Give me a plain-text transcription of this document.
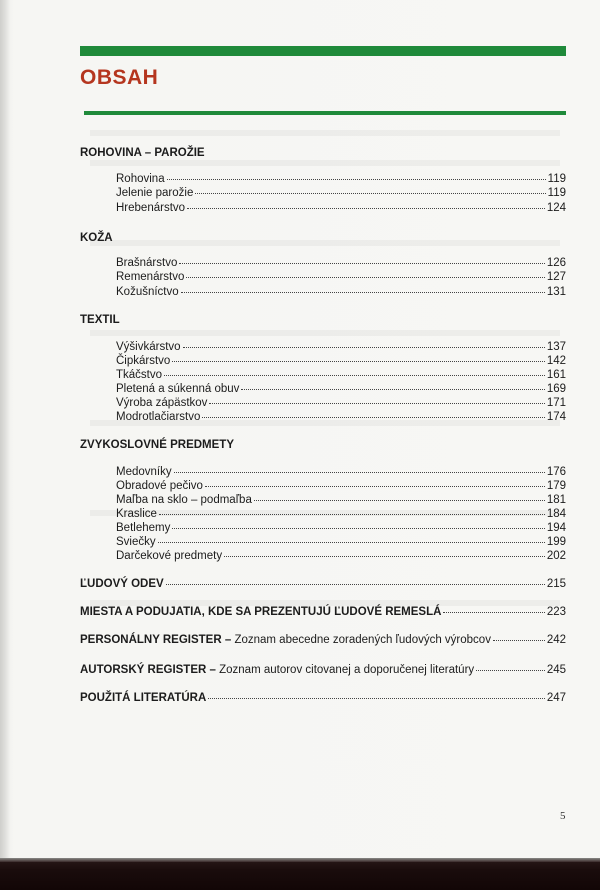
OBSAH
ROHOVINA – PAROŽIE
Rohovina	119
Jelenie parožie	119
Hrebenárstvo	124
KOŽA
Brašnárstvo	126
Remenárstvo	127
Kožušníctvo	131
TEXTIL
Výšivkárstvo	137
Čipkárstvo	142
Tkáčstvo	161
Pletená a súkenná obuv	169
Výroba zápästkov	171
Modrotlačiarstvo	174
ZVYKOSLOVNÉ PREDMETY
Medovníky	176
Obradové pečivo	179
Maľba na sklo – podmaľba	181
Kraslice	184
Betlehemy	194
Sviečky	199
Darčekové predmety	202
ĽUDOVÝ ODEV	215
MIESTA A PODUJATIA, KDE SA PREZENTUJÚ ĽUDOVÉ REMESLÁ	223
PERSONÁLNY REGISTER – Zoznam abecedne zoradených ľudových výrobcov	242
AUTORSKÝ REGISTER – Zoznam autorov citovanej a doporučenej literatúry	245
POUŽITÁ LITERATÚRA	247
5
